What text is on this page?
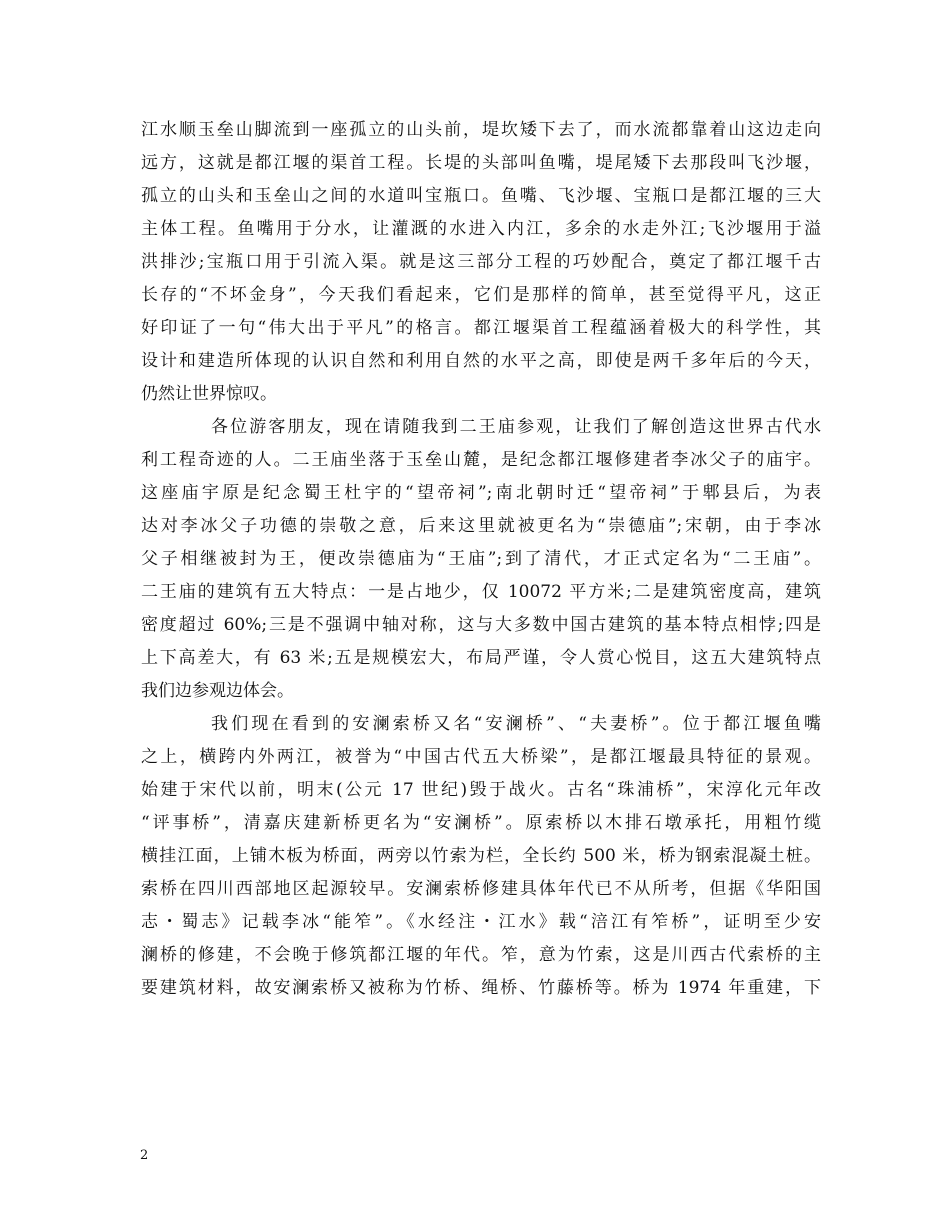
江水顺玉垒山脚流到一座孤立的山头前，堤坎矮下去了，而水流都靠着山这边走向
远方，这就是都江堰的渠首工程。长堤的头部叫鱼嘴，堤尾矮下去那段叫飞沙堰，
孤立的山头和玉垒山之间的水道叫宝瓶口。鱼嘴、飞沙堰、宝瓶口是都江堰的三大
主体工程。鱼嘴用于分水，让灌溉的水进入内江，多余的水走外江;飞沙堰用于溢
洪排沙;宝瓶口用于引流入渠。就是这三部分工程的巧妙配合，奠定了都江堰千古
长存的“不坏金身”，今天我们看起来，它们是那样的简单，甚至觉得平凡，这正
好印证了一句“伟大出于平凡”的格言。都江堰渠首工程蕴涵着极大的科学性，其
设计和建造所体现的认识自然和利用自然的水平之高，即使是两千多年后的今天，
仍然让世界惊叹。
各位游客朋友，现在请随我到二王庙参观，让我们了解创造这世界古代水
利工程奇迹的人。二王庙坐落于玉垒山麓，是纪念都江堰修建者李冰父子的庙宇。
这座庙宇原是纪念蜀王杜宇的“望帝祠”;南北朝时迁“望帝祠”于郫县后，为表
达对李冰父子功德的崇敬之意，后来这里就被更名为“崇德庙”;宋朝，由于李冰
父子相继被封为王，便改崇德庙为“王庙”;到了清代，才正式定名为“二王庙”。
二王庙的建筑有五大特点：一是占地少，仅 10072 平方米;二是建筑密度高，建筑
密度超过 60%;三是不强调中轴对称，这与大多数中国古建筑的基本特点相悖;四是
上下高差大，有 63 米;五是规模宏大，布局严谨，令人赏心悦目，这五大建筑特点
我们边参观边体会。
我们现在看到的安澜索桥又名“安澜桥”、“夫妻桥”。位于都江堰鱼嘴
之上，横跨内外两江，被誉为“中国古代五大桥梁”，是都江堰最具特征的景观。
始建于宋代以前，明末(公元 17 世纪)毁于战火。古名“珠浦桥”，宋淳化元年改
“评事桥”，清嘉庆建新桥更名为“安澜桥”。原索桥以木排石墩承托，用粗竹缆
横挂江面，上铺木板为桥面，两旁以竹索为栏，全长约 500 米，桥为钢索混凝土桩。
索桥在四川西部地区起源较早。安澜索桥修建具体年代已不从所考，但据《华阳国
志・蜀志》记载李冰“能笮”。《水经注・江水》载“涪江有笮桥”，证明至少安
澜桥的修建，不会晚于修筑都江堰的年代。笮，意为竹索，这是川西古代索桥的主
要建筑材料，故安澜索桥又被称为竹桥、绳桥、竹藤桥等。桥为 1974 年重建，下
2
